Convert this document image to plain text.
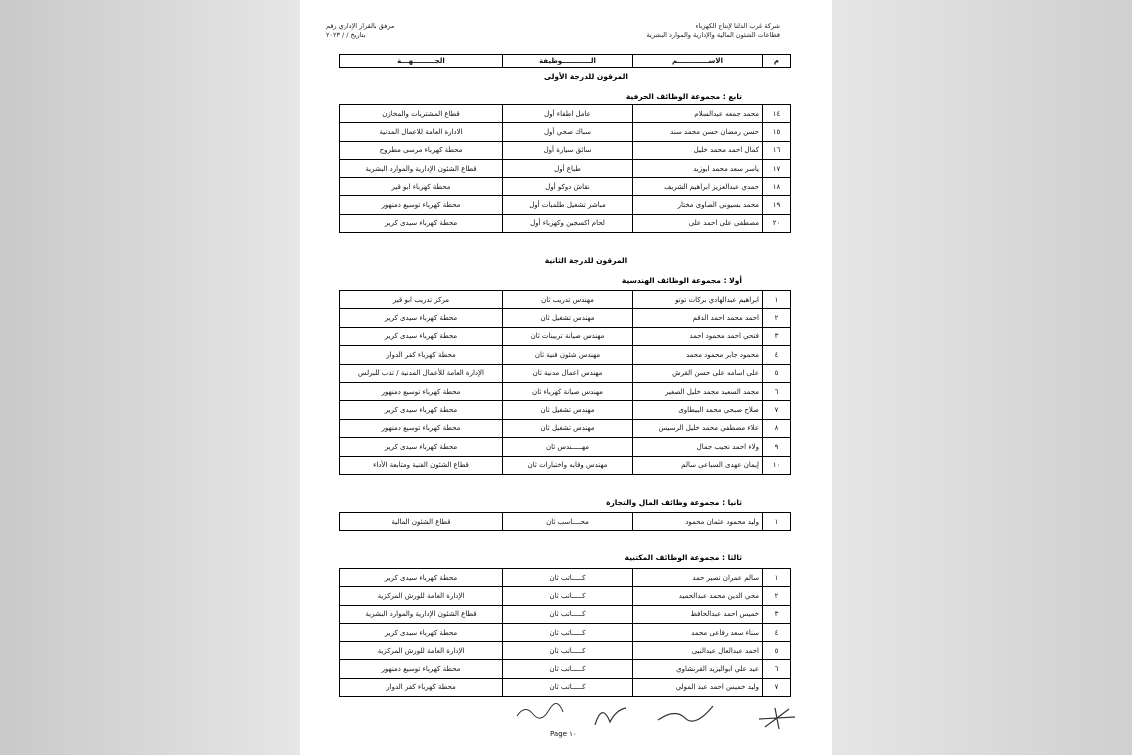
شركة غرب الدلتا لإنتاج الكهرباء
قطاعات الشئون المالية والإدارية والموارد البشرية
مرفق بالقرار الإداري رقم
بتاريخ / / ٢٠٢٣
م	الاســـــــــــــم	الــــــــــــوظيفة	الجـــــــــهـــة
المرقون للدرجة الأولى
تابع : مجموعة الوظائف الحرفية
١٤	محمد جمعه عبدالسلام	عامل اطفاء أول	قطاع المشتريات والمخازن
١٥	حسن رمضان حسن محمد سند	سباك صحي أول	الادارة العامة للاعمال المدنية
١٦	كمال احمد محمد خليل	سائق سيارة أول	محطة كهرباء مرسى مطروح
١٧	ياسر سعد محمد ابوزيد	طباع أول	قطاع الشئون الإدارية والموارد البشرية
١٨	حمدي عبدالعزيز ابراهيم الشريف	نقاش دوكو أول	محطة كهرباء ابو قير
١٩	محمد بسيوني الصاوى مختار	مباشر تشغيل طلمبات أول	محطة كهرباء توسيع دمنهور
٢٠	مصطفى على احمد على	لحام اكسجين وكهرباء أول	محطة كهرباء سيدى كرير
المرقون للدرجة الثانية
أولا : مجموعة الوظائف الهندسية
١	ابراهيم عبدالهادي بركات توتو	مهندس تدريب ثان	مركز تدريب ابو قير
٢	احمد محمد احمد الدقم	مهندس تشغيل ثان	محطة كهرباء سيدى كرير
٣	فتحي احمد محمود احمد	مهندس صيانة تربينات ثان	محطة كهرباء سيدى كرير
٤	محمود جابر محمود محمد	مهندس شئون فنية ثان	محطة كهرباء كفر الدوار
٥	على اسامه على حسن القرش	مهندس اعمال مدنية ثان	الإدارة العامة للأعمال المدنية / تدب للبرلس
٦	محمد السعيد محمد خليل الصغير	مهندس صيانة كهرباء ثان	محطة كهرباء توسيع دمنهور
٧	صلاح صبحي محمد البيطاوى	مهندس تشغيل ثان	محطة كهرباء سيدى كرير
٨	علاء مصطفي محمد خليل الرسيس	مهندس تشغيل ثان	محطة كهرباء توسيع دمنهور
٩	ولاء احمد نجيب جمال	مهـــــندس ثان	محطة كهرباء سيدى كرير
١٠	إيمان عهدى السباعى سالم	مهندس وقايه واختبارات ثان	قطاع الشئون الفنية ومتابعة الأداء
ثانيا : مجموعة وظائف المال والتجارة
١	وليد محمود عثمان محمود	محــــاسب ثان	قطاع الشئون المالية
ثالثا : مجموعة الوظائف المكتبية
١	سالم عمران نصير حمد	كـــــاتب ثان	محطة كهرباء سيدى كرير
٢	محي الدين محمد عبدالحميد	كـــــاتب ثان	الإدارة العامة للورش المركزية
٣	خميس احمد عبدالحافظ	كـــــاتب ثان	قطاع الشئون الإدارية والموارد البشرية
٤	سناء سعد رفاعى محمد	كـــــاتب ثان	محطة كهرباء سيدى كرير
٥	احمد عبدالعال عبدالنبى	كـــــاتب ثان	الإدارة العامة للورش المركزية
٦	عيد علي ابواليزيد القرنشاوي	كـــــاتب ثان	محطة كهرباء توسيع دمنهور
٧	وليد خميس احمد عبد المولي	كـــــاتب ثان	محطة كهرباء كفر الدوار
Page ١٠
